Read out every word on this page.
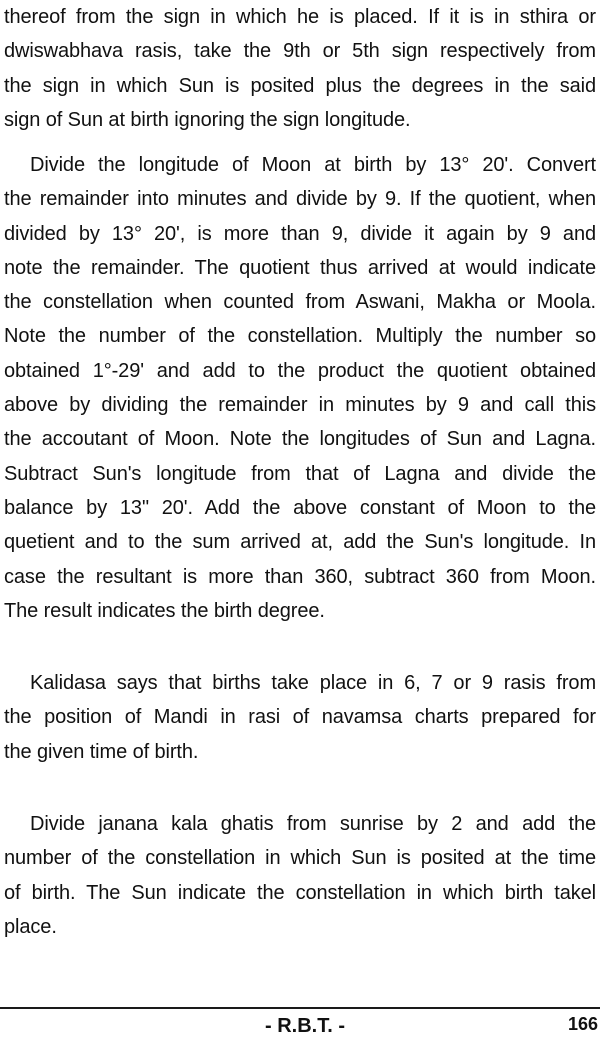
thereof from the sign in which he is placed. If it is in sthira or
dwiswabhava rasis, take the 9th or 5th sign respectively from
the sign in which Sun is posited plus the degrees in the said
sign of Sun at birth ignoring the sign longitude.
Divide the longitude of Moon at birth by 13° 20'. Convert
the remainder into minutes and divide by 9. If the quotient, when
divided by 13° 20', is more than 9, divide it again by 9 and
note the remainder. The quotient thus arrived at would indicate
the constellation when counted from Aswani, Makha or Moola.
Note the number of the constellation. Multiply the number so
obtained 1°-29' and add to the product the quotient obtained
above by dividing the remainder in minutes by 9 and call this
the accoutant of Moon. Note the longitudes of Sun and Lagna.
Subtract Sun's longitude from that of Lagna and divide the
balance by 13" 20'. Add the above constant of Moon to the
quetient and to the sum arrived at, add the Sun's longitude. In
case the resultant is more than 360, subtract 360 from Moon.
The result indicates the birth degree.
Kalidasa says that births take place in 6, 7 or 9 rasis from
the position of Mandi in rasi of navamsa charts prepared for
the given time of birth.
Divide janana kala ghatis from sunrise by 2 and add the
number of the constellation in which Sun is posited at the time
of birth. The Sun indicate the constellation in which birth takel
place.
- R.B.T. -	166
